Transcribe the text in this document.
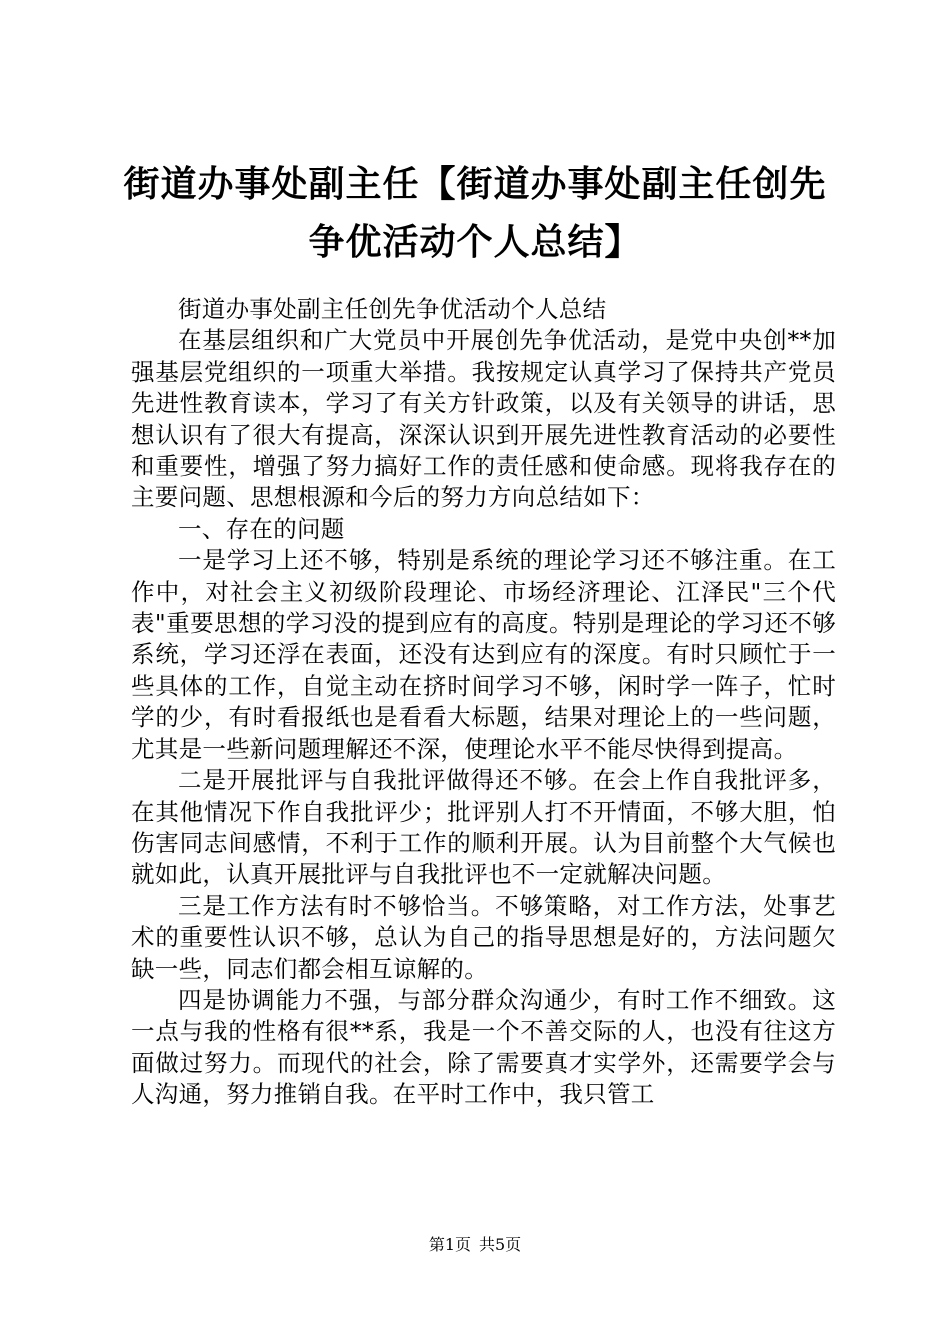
街道办事处副主任【街道办事处副主任创先争优活动个人总结】

街道办事处副主任创先争优活动个人总结

在基层组织和广大党员中开展创先争优活动，是党中央创**加强基层党组织的一项重大举措。我按规定认真学习了保持共产党员先进性教育读本，学习了有关方针政策，以及有关领导的讲话，思想认识有了很大有提高，深深认识到开展先进性教育活动的必要性和重要性，增强了努力搞好工作的责任感和使命感。现将我存在的主要问题、思想根源和今后的努力方向总结如下：

一、存在的问题

一是学习上还不够，特别是系统的理论学习还不够注重。在工作中，对社会主义初级阶段理论、市场经济理论、江泽民"三个代表"重要思想的学习没的提到应有的高度。特别是理论的学习还不够系统，学习还浮在表面，还没有达到应有的深度。有时只顾忙于一些具体的工作，自觉主动在挤时间学习不够，闲时学一阵子，忙时学的少，有时看报纸也是看看大标题，结果对理论上的一些问题，尤其是一些新问题理解还不深，使理论水平不能尽快得到提高。

二是开展批评与自我批评做得还不够。在会上作自我批评多，在其他情况下作自我批评少；批评别人打不开情面，不够大胆，怕伤害同志间感情，不利于工作的顺利开展。认为目前整个大气候也就如此，认真开展批评与自我批评也不一定就解决问题。

三是工作方法有时不够恰当。不够策略，对工作方法，处事艺术的重要性认识不够，总认为自己的指导思想是好的，方法问题欠缺一些，同志们都会相互谅解的。

四是协调能力不强，与部分群众沟通少，有时工作不细致。这一点与我的性格有很**系，我是一个不善交际的人，也没有往这方面做过努力。而现代的社会，除了需要真才实学外，还需要学会与人沟通，努力推销自我。在平时工作中，我只管工

第1页 共5页
